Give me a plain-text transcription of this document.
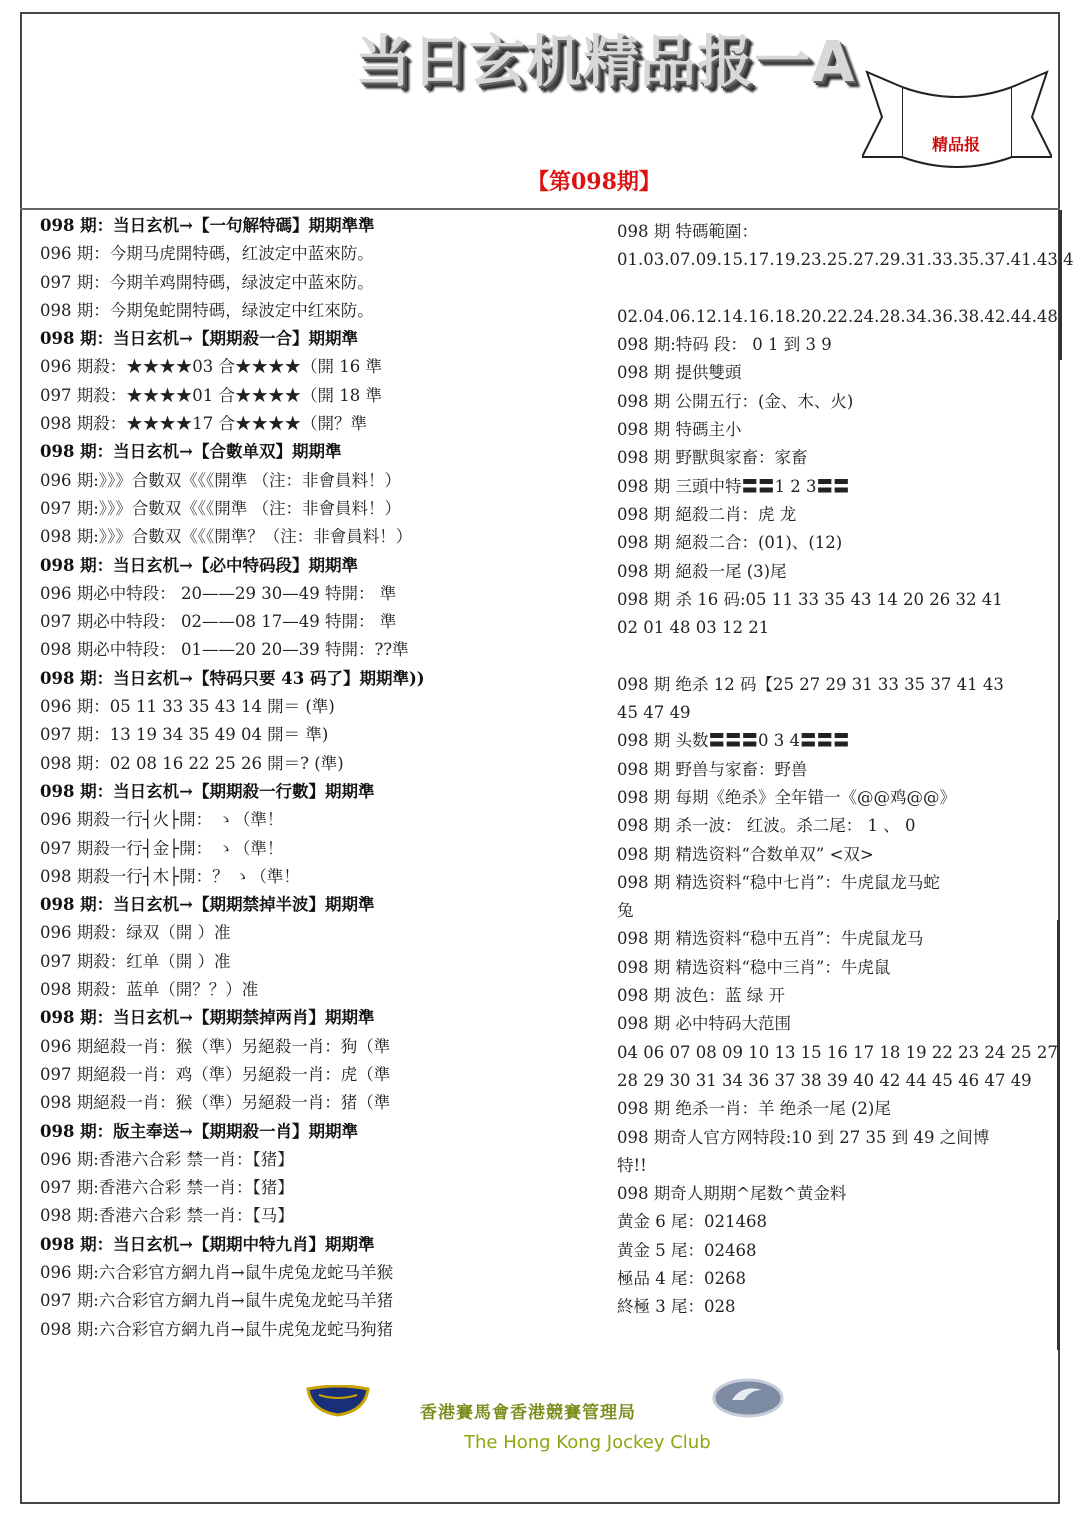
当日玄机精品报一A
精品报
【第098期】
098 期：当日玄机→【一句解特碼】期期準準
096 期：今期马虎開特碼，红波定中蓝來防。
097 期：今期羊鸡開特碼，绿波定中蓝來防。
098 期：今期兔蛇開特碼，绿波定中红來防。
098 期：当日玄机→【期期殺一合】期期準
096 期殺：★★★★03 合★★★★（開 16 準
097 期殺：★★★★01 合★★★★（開 18 準
098 期殺：★★★★17 合★★★★（開？準
098 期：当日玄机→【合數单双】期期準
096 期:》》》合數双《《《開準 （注：非會員料！）
097 期:》》》合數双《《《開準 （注：非會員料！）
098 期:》》》合數双《《《開準？（注：非會員料！）
098 期：当日玄机→【必中特码段】期期準
096 期必中特段： 20——29 30—49 特開： 準
097 期必中特段： 02——08 17—49 特開： 準
098 期必中特段： 01——20 20—39 特開：??準
098 期：当日玄机→【特码只要 43 码了】期期準))
096 期：05 11 33 35 43 14 開＝ (準)
097 期：13 19 34 35 49 04 開＝ 準)
098 期：02 08 16 22 25 26 開＝? (準)
098 期：当日玄机→【期期殺一行數】期期準
096 期殺一行┤火├開： ゝ（準！
097 期殺一行┤金├開： ゝ（準！
098 期殺一行┤木├開：？ ゝ（準！
098 期：当日玄机→【期期禁掉半波】期期準
096 期殺：绿双（開 ）准
097 期殺：红单（開 ）准
098 期殺：蓝单（開？？）准
098 期：当日玄机→【期期禁掉两肖】期期準
096 期絕殺一肖：猴（準）另絕殺一肖：狗（準
097 期絕殺一肖：鸡（準）另絕殺一肖：虎（準
098 期絕殺一肖：猴（準）另絕殺一肖：猪（準
098 期：版主奉送→【期期殺一肖】期期準
096 期:香港六合彩 禁一肖：【猪】
097 期:香港六合彩 禁一肖：【猪】
098 期:香港六合彩 禁一肖：【马】
098 期：当日玄机→【期期中特九肖】期期準
096 期:六合彩官方網九肖→鼠牛虎兔龙蛇马羊猴
097 期:六合彩官方網九肖→鼠牛虎兔龙蛇马羊猪
098 期:六合彩官方網九肖→鼠牛虎兔龙蛇马狗猪
098 期 特碼範圍：
01.03.07.09.15.17.19.23.25.27.29.31.33.35.37.41.43.4
02.04.06.12.14.16.18.20.22.24.28.34.36.38.42.44.48
098 期:特码 段： 0 1 到 3 9
098 期 提供雙頭
098 期 公開五行：(金、木、火)
098 期 特碼主小
098 期 野獸與家畜：家畜
098 期 三頭中特〓〓1 2 3〓〓
098 期 絕殺二肖：虎 龙
098 期 絕殺二合：(01)、(12)
098 期 絕殺一尾 (3)尾
098 期 杀 16 码:05 11 33 35 43 14 20 26 32 41
02 01 48 03 12 21
098 期 绝杀 12 码【25 27 29 31 33 35 37 41 43
45 47 49
098 期 头数〓〓〓0 3 4〓〓〓
098 期 野兽与家畜：野兽
098 期 每期《绝杀》全年错一《@@鸡@@》
098 期 杀一波： 红波。杀二尾： 1 、 0
098 期 精选资料“合数单双” <双>
098 期 精选资料“稳中七肖”：牛虎鼠龙马蛇
兔
098 期 精选资料“稳中五肖”：牛虎鼠龙马
098 期 精选资料“稳中三肖”：牛虎鼠
098 期 波色：蓝 绿 开
098 期 必中特码大范围
04 06 07 08 09 10 13 15 16 17 18 19 22 23 24 25 27
28 29 30 31 34 36 37 38 39 40 42 44 45 46 47 49
098 期 绝杀一肖：羊 绝杀一尾 (2)尾
098 期奇人官方网特段:10 到 27 35 到 49 之间博
特!!
098 期奇人期期^尾数^黄金料
黄金 6 尾：021468
黄金 5 尾：02468
極品 4 尾：0268
終極 3 尾：028
香港賽馬會香港競賽管理局
The Hong Kong Jockey Club
